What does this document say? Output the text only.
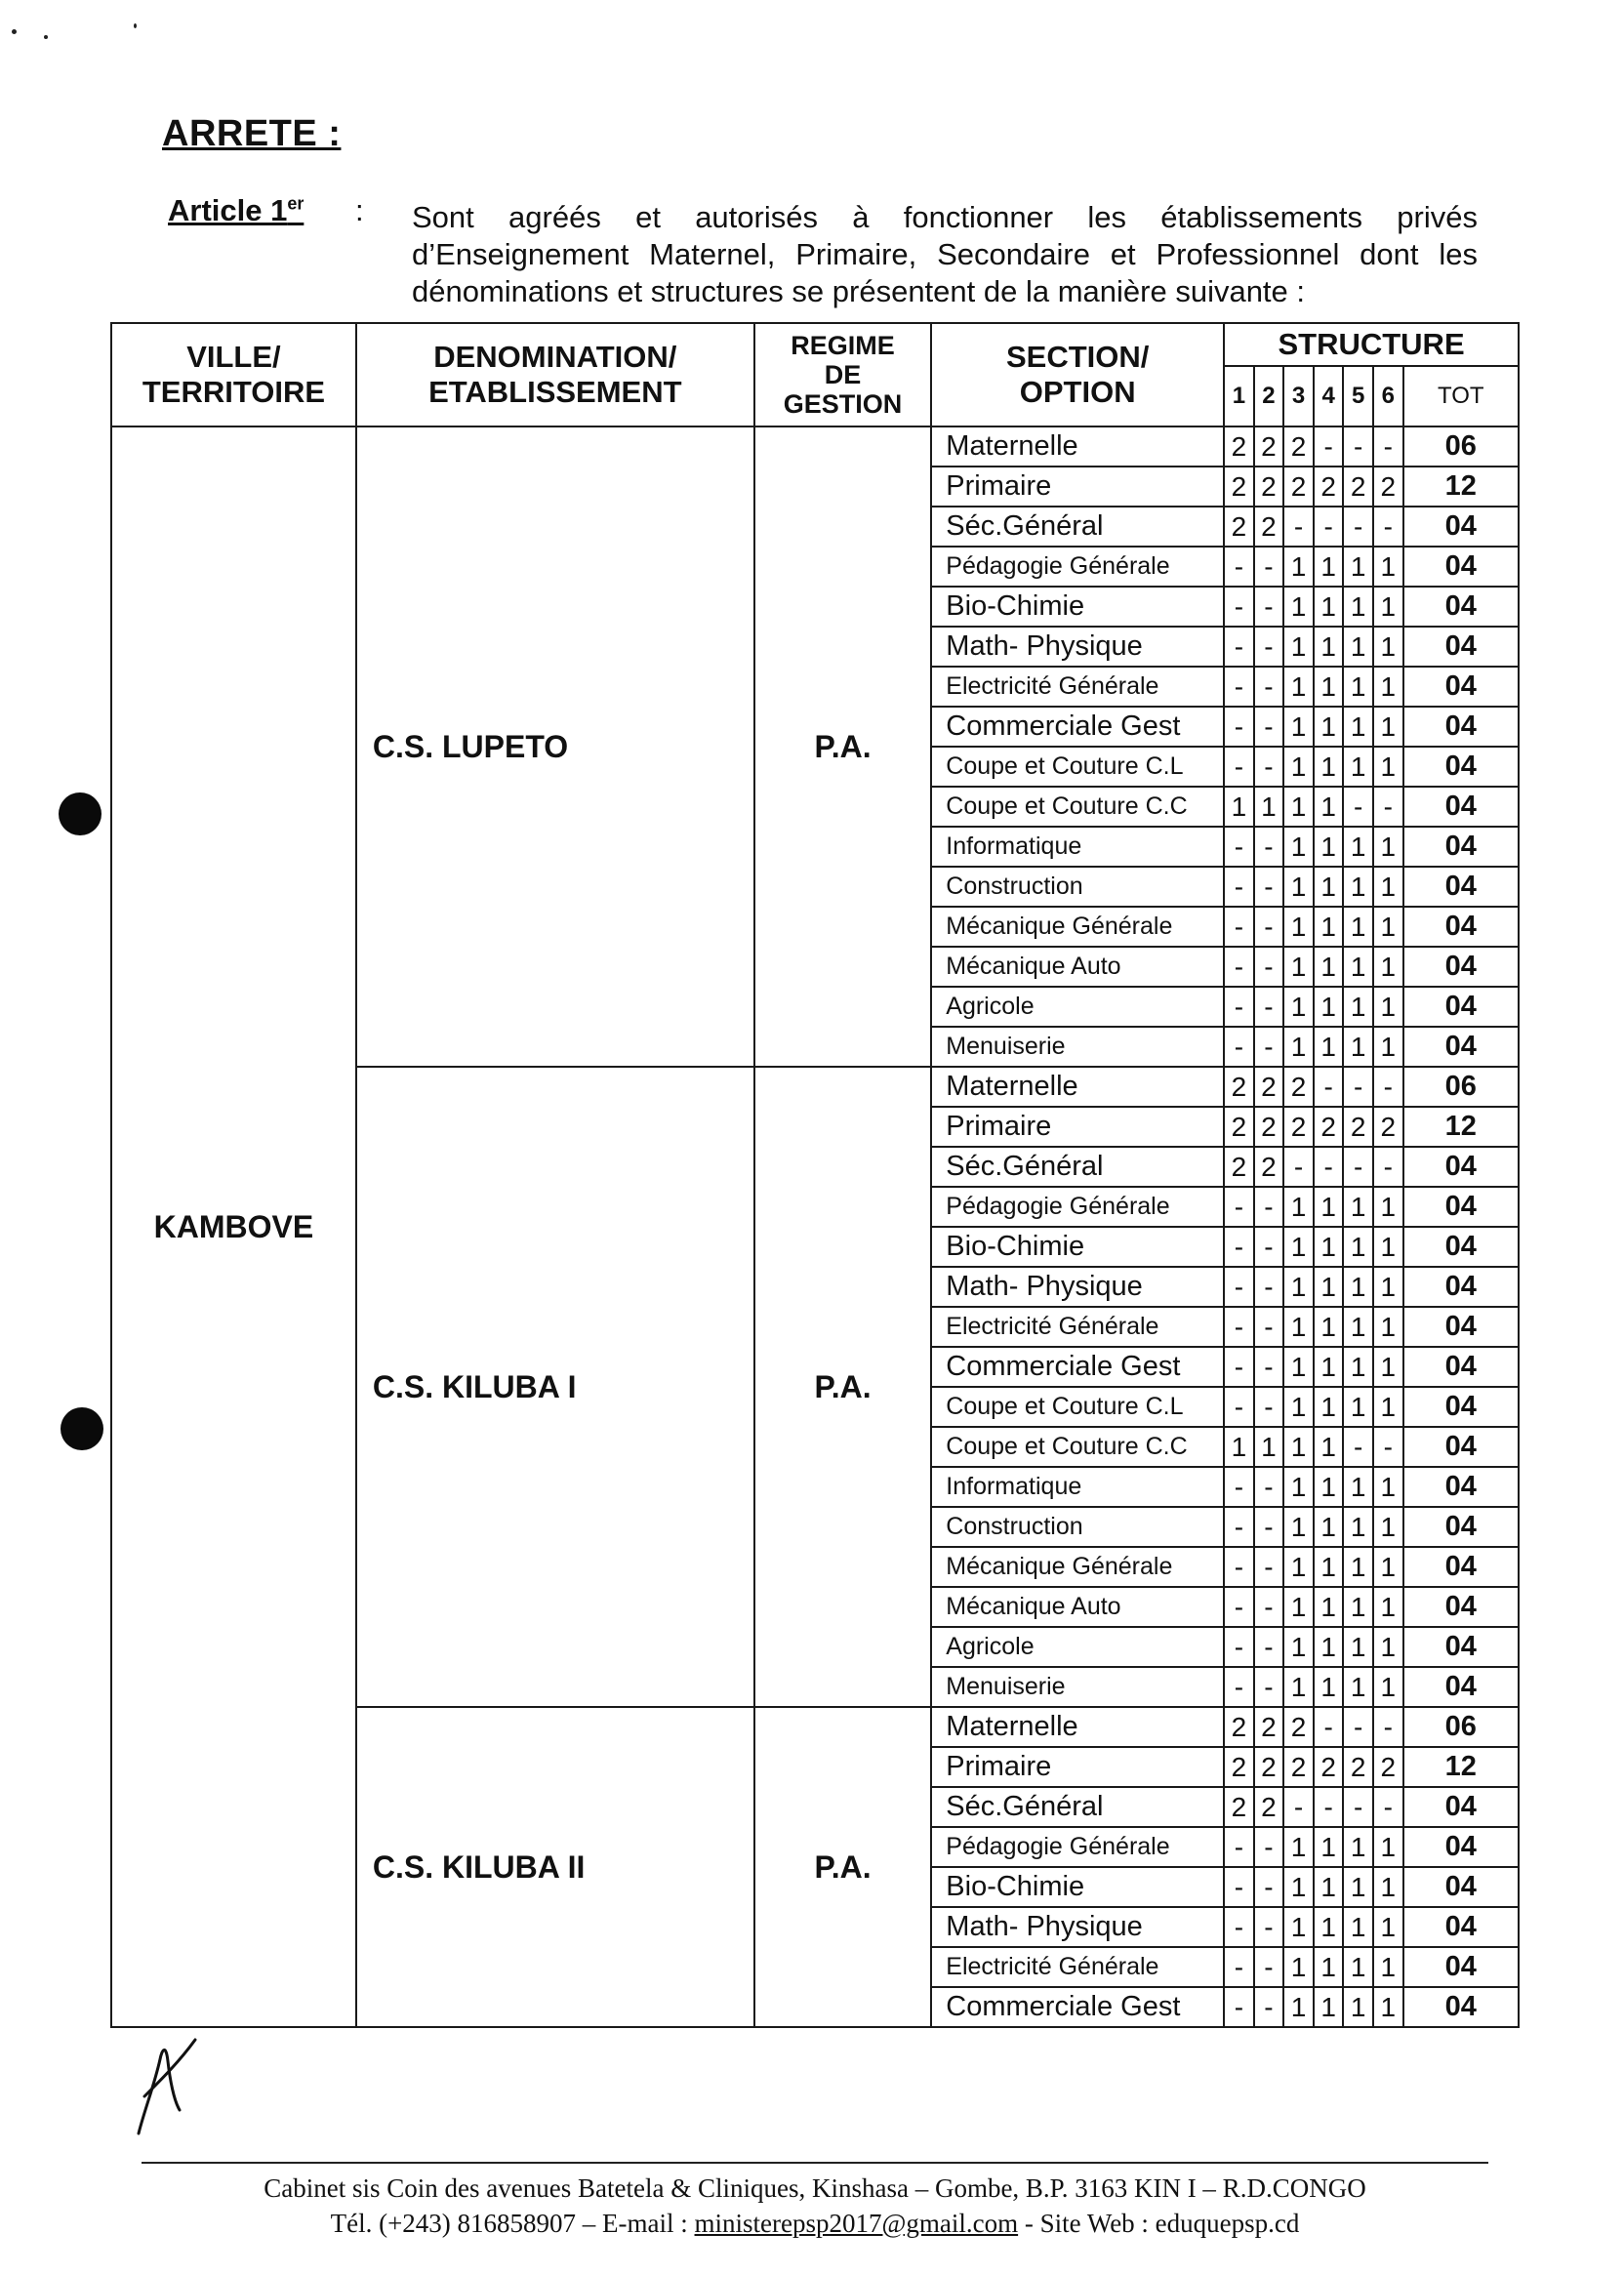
ARRETE :
Article 1er : Sont agréés et autorisés à fonctionner les établissements privés d’Enseignement Maternel, Primaire, Secondaire et Professionnel dont les dénominations et structures se présentent de la manière suivante :
VILLE/
TERRITOIRE	DENOMINATION/
ETABLISSEMENT	REGIME
DE
GESTION	SECTION/
OPTION	STRUCTURE						
				1	2	3	4	5	6	TOT
KAMBOVE	C.S. LUPETO	P.A.	Maternelle	2	2	2	-	-	-	06
			Primaire	2	2	2	2	2	2	12
			Séc.Général	2	2	-	-	-	-	04
			Pédagogie Générale	-	-	1	1	1	1	04
			Bio-Chimie	-	-	1	1	1	1	04
			Math- Physique	-	-	1	1	1	1	04
			Electricité Générale	-	-	1	1	1	1	04
			Commerciale Gest	-	-	1	1	1	1	04
			Coupe et Couture C.L	-	-	1	1	1	1	04
			Coupe et Couture C.C	1	1	1	1	-	-	04
			Informatique	-	-	1	1	1	1	04
			Construction	-	-	1	1	1	1	04
			Mécanique Générale	-	-	1	1	1	1	04
			Mécanique Auto	-	-	1	1	1	1	04
			Agricole	-	-	1	1	1	1	04
			Menuiserie	-	-	1	1	1	1	04
	C.S. KILUBA I	P.A.	Maternelle	2	2	2	-	-	-	06
			Primaire	2	2	2	2	2	2	12
			Séc.Général	2	2	-	-	-	-	04
			Pédagogie Générale	-	-	1	1	1	1	04
			Bio-Chimie	-	-	1	1	1	1	04
			Math- Physique	-	-	1	1	1	1	04
			Electricité Générale	-	-	1	1	1	1	04
			Commerciale Gest	-	-	1	1	1	1	04
			Coupe et Couture C.L	-	-	1	1	1	1	04
			Coupe et Couture C.C	1	1	1	1	-	-	04
			Informatique	-	-	1	1	1	1	04
			Construction	-	-	1	1	1	1	04
			Mécanique Générale	-	-	1	1	1	1	04
			Mécanique Auto	-	-	1	1	1	1	04
			Agricole	-	-	1	1	1	1	04
			Menuiserie	-	-	1	1	1	1	04
	C.S. KILUBA II	P.A.	Maternelle	2	2	2	-	-	-	06
			Primaire	2	2	2	2	2	2	12
			Séc.Général	2	2	-	-	-	-	04
			Pédagogie Générale	-	-	1	1	1	1	04
			Bio-Chimie	-	-	1	1	1	1	04
			Math- Physique	-	-	1	1	1	1	04
			Electricité Générale	-	-	1	1	1	1	04
			Commerciale Gest	-	-	1	1	1	1	04
Cabinet sis Coin des avenues Batetela & Cliniques, Kinshasa – Gombe, B.P. 3163 KIN I – R.D.CONGO
Tél. (+243) 816858907 – E-mail : ministerepsp2017@gmail.com - Site Web : eduquepsp.cd
